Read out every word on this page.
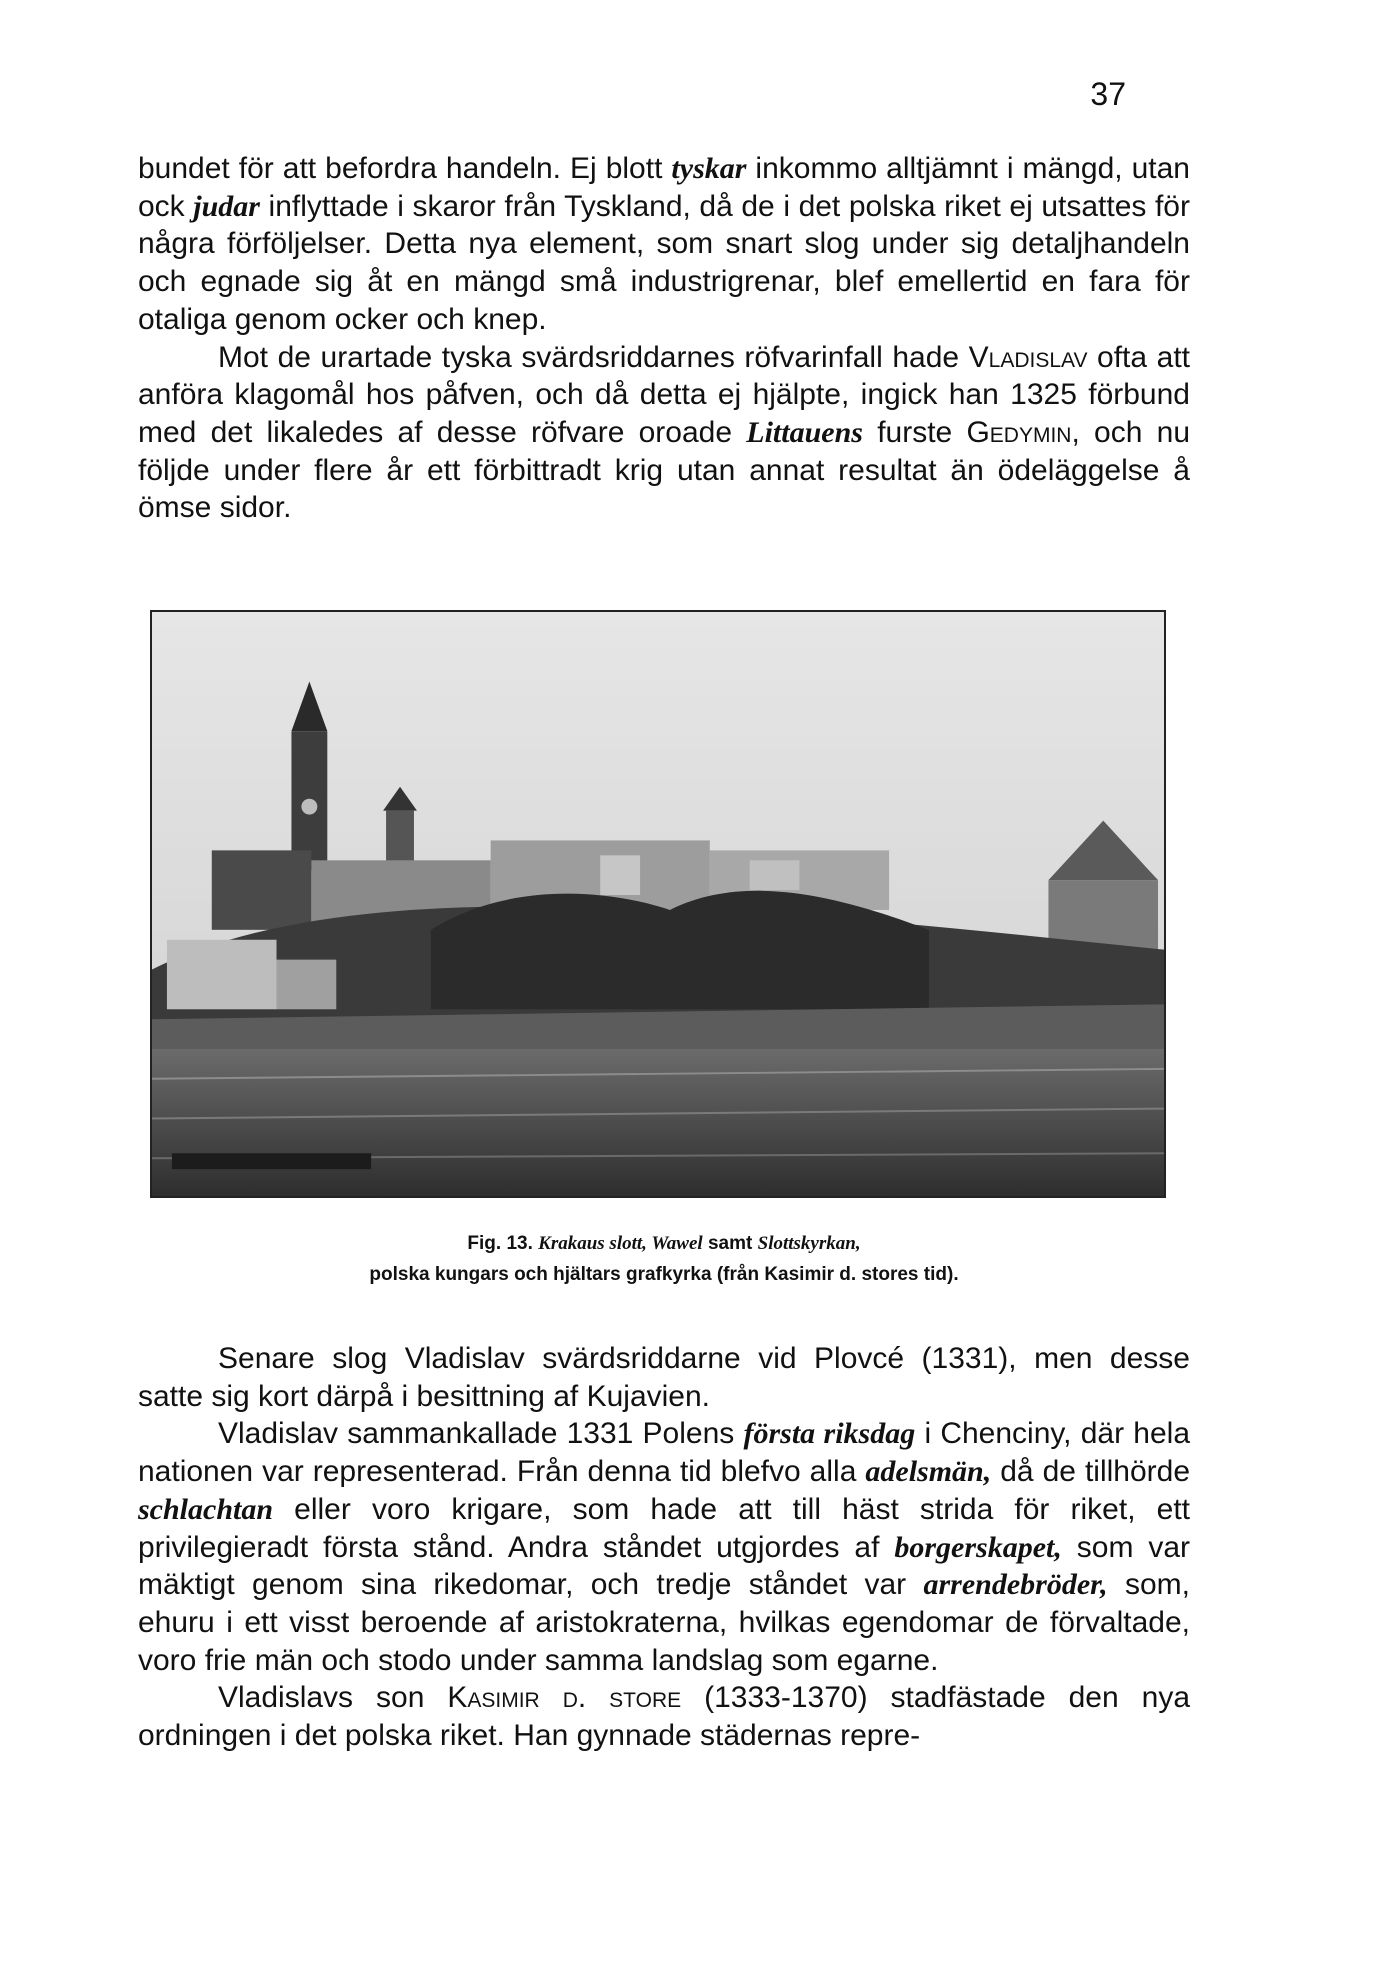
37

bundet för att befordra handeln. Ej blott tyskar inkommo alltjämnt i mängd, utan ock judar inflyttade i skaror från Tyskland, då de i det polska riket ej utsattes för några förföljelser. Detta nya element, som snart slog under sig detaljhandeln och egnade sig åt en mängd små industrigrenar, blef emellertid en fara för otaliga genom ocker och knep.

Mot de urartade tyska svärdsriddarnes röfvarinfall hade Vladislav ofta att anföra klagomål hos påfven, och då detta ej hjälpte, ingick han 1325 förbund med det likaledes af desse röfvare oroade Littauens furste Gedymin, och nu följde under flere år ett förbittradt krig utan annat resultat än ödeläggelse å ömse sidor.

Fig. 13. Krakaus slott, Wawel samt Slottskyrkan,
polska kungars och hjältars grafkyrka (från Kasimir d. stores tid).

Senare slog Vladislav svärdsriddarne vid Plovcé (1331), men desse satte sig kort därpå i besittning af Kujavien.

Vladislav sammankallade 1331 Polens första riksdag i Chenciny, där hela nationen var representerad. Från denna tid blefvo alla adelsmän, då de tillhörde schlachtan eller voro krigare, som hade att till häst strida för riket, ett privilegieradt första stånd. Andra ståndet utgjordes af borgerskapet, som var mäktigt genom sina rikedomar, och tredje ståndet var arrendebröder, som, ehuru i ett visst beroende af aristokraterna, hvilkas egendomar de förvaltade, voro frie män och stodo under samma landslag som egarne.

Vladislavs son Kasimir d. store (1333-1370) stadfästade den nya ordningen i det polska riket. Han gynnade städernas repre-
